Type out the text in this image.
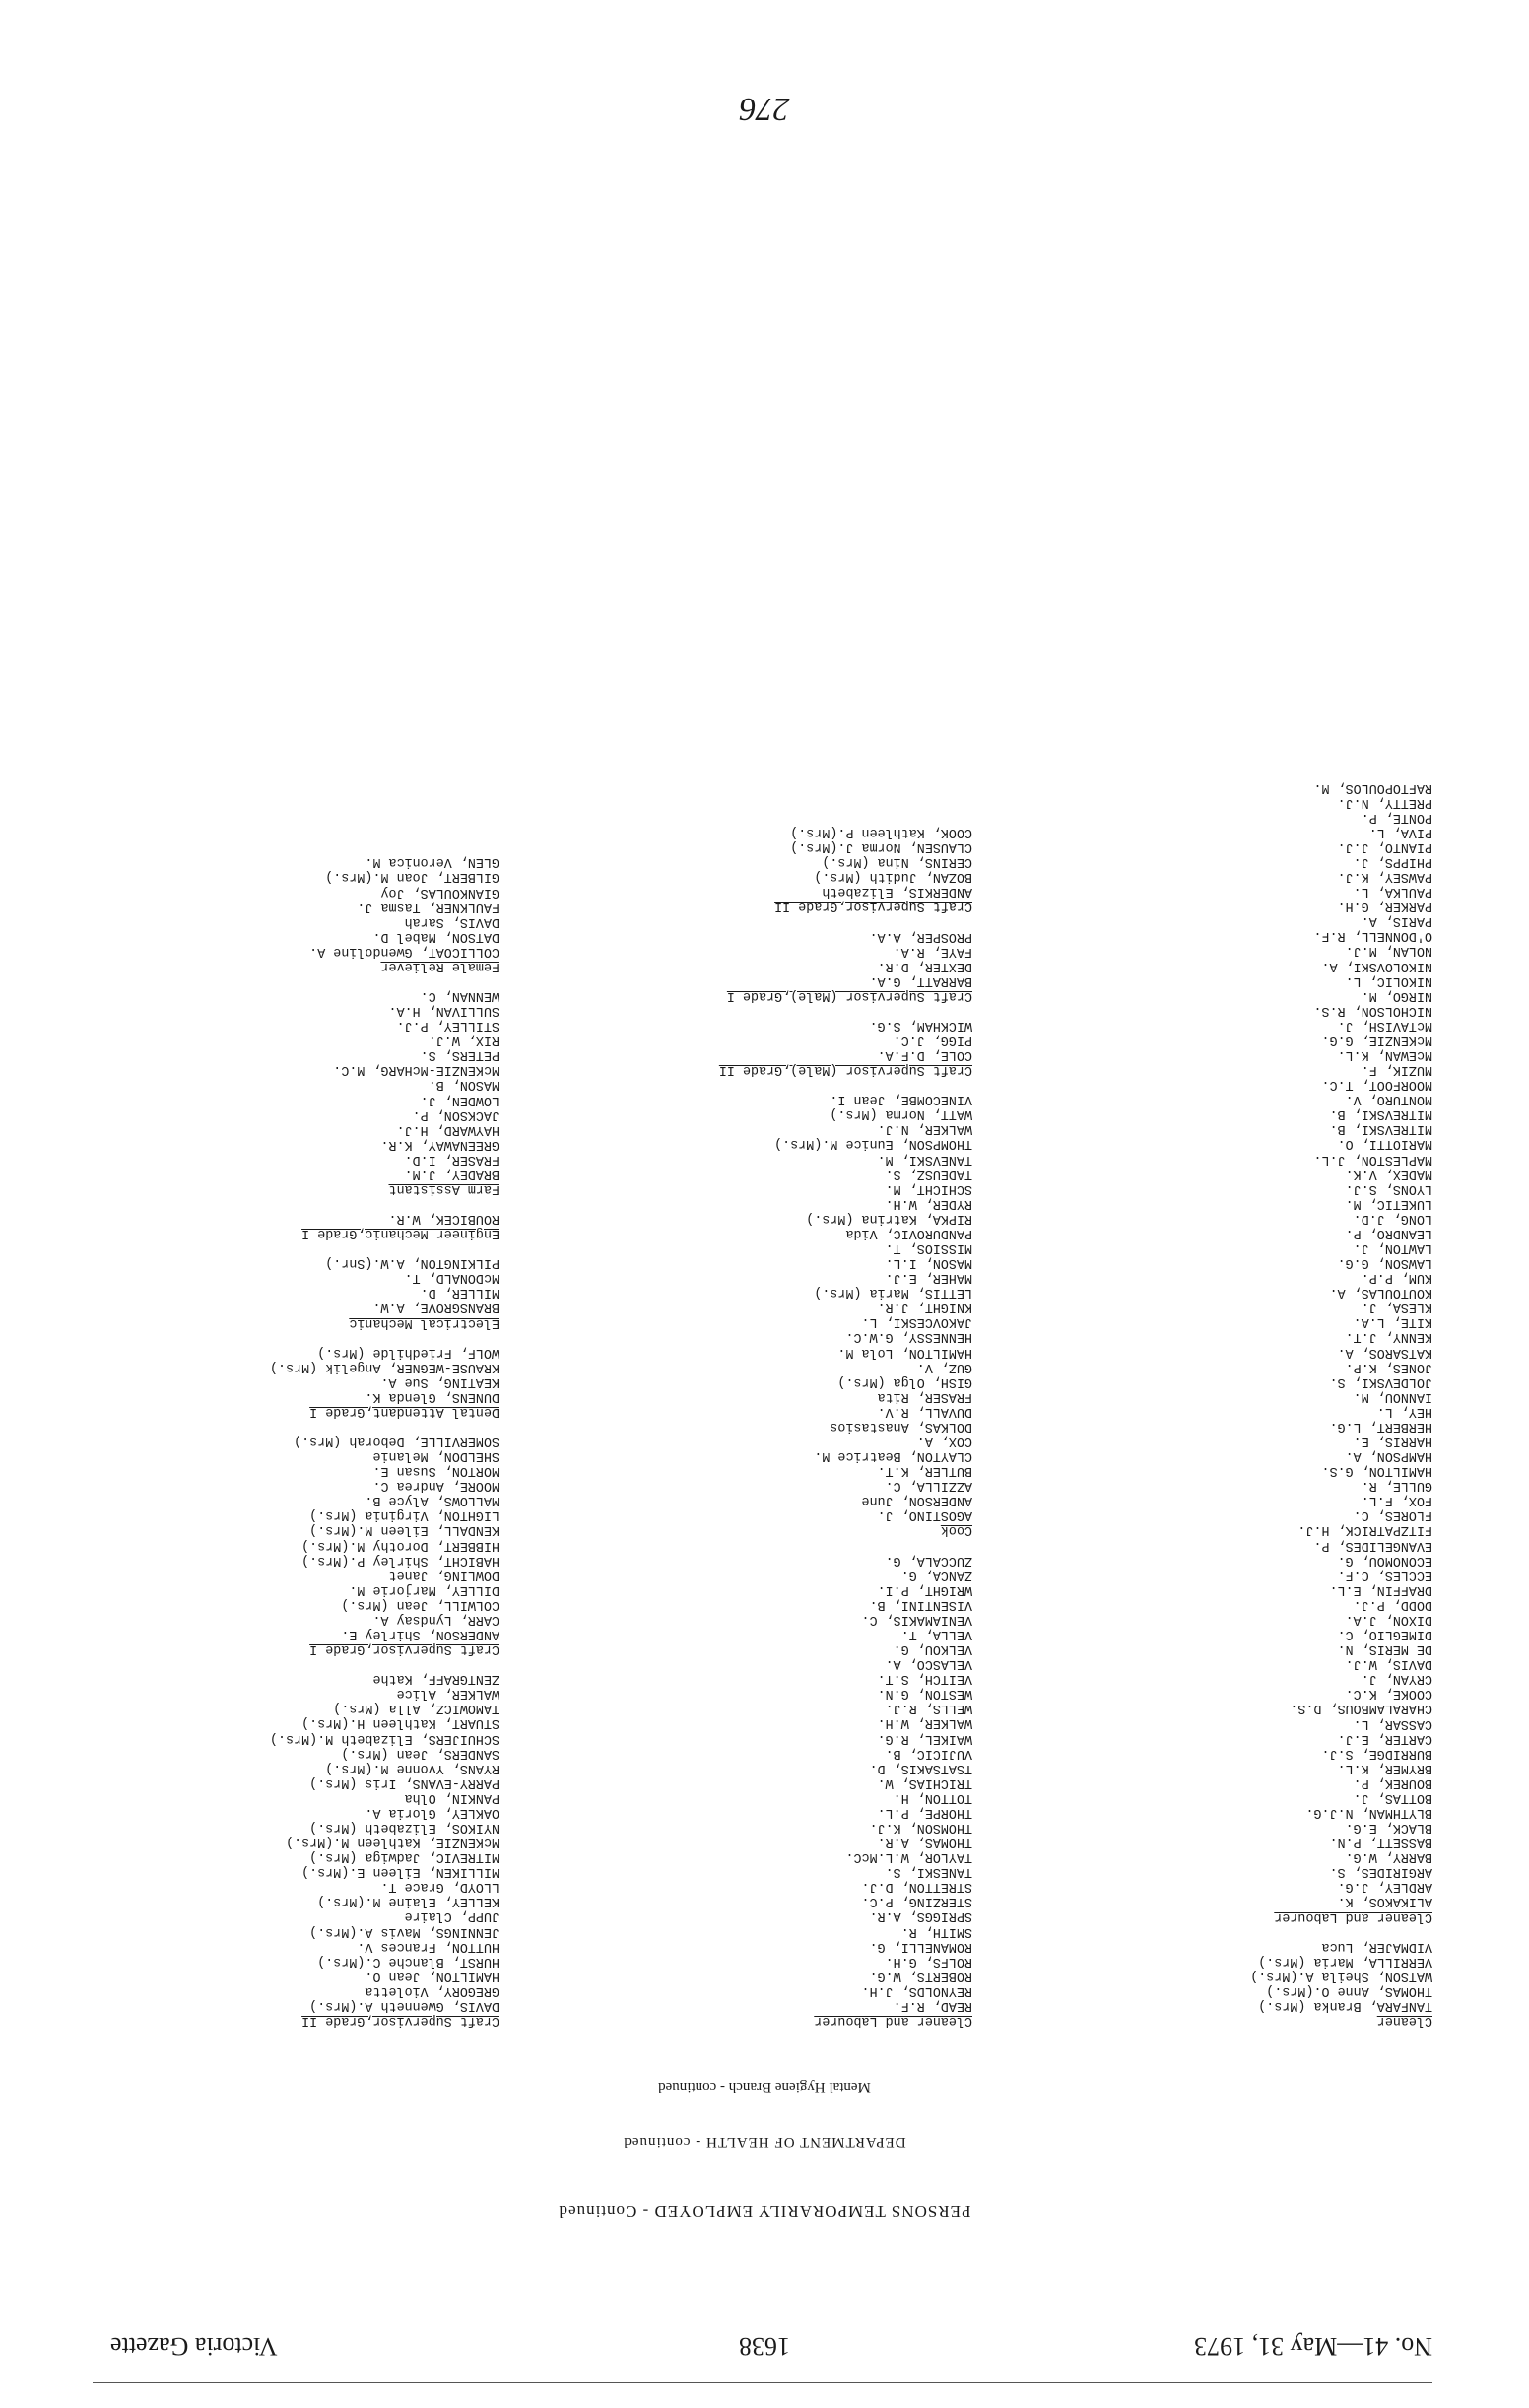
No. 41—May 31, 1973
1638
Victoria Gazette
PERSONS TEMPORARILY EMPLOYED - Continued
DEPARTMENT OF HEALTH - continued
Mental Hygiene Branch - continued
Cleaner
TANFARA, Branka (Mrs.)
THOMAS, Anne O.(Mrs.)
WATSON, Sheila A.(Mrs.)
VERRILLA, Maria (Mrs.)
VIDMAJER, Luca
Cleaner and Labourer
ALIKAKOS, K.
ARDLEY, J.G.
ARGIRIDES, S.
BARRY, W.G.
BASSETT, P.N.
BLACK, E.G.
BLYTHMAN, N.J.G.
BOTTAS, J.
BOUREK, P.
BRYMER, K.L.
BURRIDGE, S.J.
CARTER, E.J.
CASSAR, L.
CHARALAMBOUS, D.S.
COOKE, K.C.
CRYAN, J.
DAVIS, W.J.
DE MERIS, N.
DIMEGLIO, C.
DIXON, J.A.
DODD, P.J.
DRAFFIN, E.L.
ECCLES, C.F.
ECONOMOU, G.
EVANGELIDES, P.
FITZPATRICK, H.J.
FLORES, C.
FOX, F.L.
GULLE, R.
HAMILTON, G.S.
HAMPSON, A.
HARRIS, E.
HERBERT, L.G.
HEY, L.
IANNOU, M.
JOLDEVSKI, S.
JONES, K.P.
KATSAROS, A.
KENNY, J.T.
KITE, L.A.
KLESA, J.
KOUTOULAS, A.
KUM, P.P.
LAWSON, G.G.
LAWTON, J.
LEANDRO, P.
LONG, J.D.
LUKETIC, M.
LYONS, S.J.
MADEX, V.K.
MAPLESTON, J.L.
MARIOTTI, O.
MITREVSKI, B.
MITREVSKI, B.
MONTURO, V.
MOORFOOT, T.C.
MUZIK, F.
McEWAN, K.L.
McKENZIE, G.G.
McTAVISH, J.
NICHOLSON, R.S.
NIRGO, M.
NIKOLIC, L.
NIKOLOVSKI, A.
NOLAN, M.J.
O'DONNELL, R.F.
PARIS, A.
PARKER, G.H.
PAULKA, L.
PAWSEY, K.J.
PHIPPS, J.
PIANTO, J.J.
PIVA, L.
PONTE, P.
PRETTY, N.J.
RAFTOPOULOS, M.
Cleaner and Labourer
READ, R.F.
REYNOLDS, J.H.
ROBERTS, W.G.
ROLFS, G.H.
ROMANELLI, G.
SMITH, R.
SPRIGGS, A.R.
STERZING, P.C.
STRETTON, D.J.
TANESKI, S.
TAYLOR, W.L.McC.
THOMAS, A.R.
THOMSON, K.J.
THORPE, P.L.
TOTTON, H.
TRICHIAS, W.
TSATSAKIS, D.
VUJICIC, B.
WAIKEL, R.G.
WALKER, W.H.
WELLS, R.J.
WESTON, G.N.
VEITCH, S.T.
VELASCO, A.
VELKOU, G.
VELLA, T.
VENIAMAKIS, C.
VISENTINI, B.
WRIGHT, P.I.
ZANCA, G.
ZUCCALA, G.
Cook
AGOSTINO, J.
ANDERSON, June
AZZILLA, C.
BUTLER, K.T.
CLAYTON, Beatrice M.
COX, A.
DOLKAS, Anastasios
DUVALL, R.V.
FRASER, Rita
GISH, Olga (Mrs.)
GUZ, V.
HAMILTON, Lola M.
HENNESSY, G.W.C.
JAKOVCESKI, L.
KNIGHT, J.R.
LETTIS, Maria (Mrs.)
MAHER, E.J.
MASON, I.L.
MISSIOS, T.
PANDUROVIC, Vida
RIPKA, Katrina (Mrs.)
RYDER, W.H.
SCHICHT, M.
TADEUSZ, S.
TANEVSKI, M.
THOMPSON, Eunice M.(Mrs.)
WALKER, N.J.
WATT, Norma (Mrs.)
VINECOMBE, Jean I.
Craft Supervisor (Male),Grade II
COLE, D.F.A.
PIGG, J.C.
WICKHAM, S.G.
Craft Supervisor (Male),Grade I
BARRATT, G.A.
DEXTER, D.R.
FAYE, R.A.
PROSPER, A.A.
Craft Supervisor,Grade II
ANDERKIS, Elizabeth
BOZAN, Judith (Mrs.)
CERINS, Nina (Mrs.)
CLAUSEN, Norma J.(Mrs.)
COOK, Kathleen P.(Mrs.)
Craft Supervisor,Grade II
DAVIS, Gwenneth A.(Mrs.)
GREGORY, Violetta
HAMILTON, Jean O.
HURST, Blanche C.(Mrs.)
HUTTON, Frances V.
JENNINGS, Mavis A.(Mrs.)
JUPP, Claire
KELLEY, Elaine M.(Mrs.)
LLOYD, Grace T.
MILLIKEN, Eileen E.(Mrs.)
MITREVIC, Jadwiga (Mrs.)
McKENZIE, Kathleen M.(Mrs.)
NYIKOS, Elizabeth (Mrs.)
OAKLEY, Gloria A.
PANKIN, Olha
PARRY-EVANS, Iris (Mrs.)
RYANS, Yvonne M.(Mrs.)
SANDERS, Jean (Mrs.)
SCHUIJERS, Elizabeth M.(Mrs.)
STUART, Kathleen H.(Mrs.)
TAMOWICZ, Alla (Mrs.)
WALKER, Alice
ZENTGRAFF, Kathe
Craft Supervisor,Grade I
ANDERSON, Shirley E.
CARR, Lyndsay A.
COLWILL, Jean (Mrs.)
DILLEY, Marjorie M.
DOWLING, Janet
HABICHT, Shirley P.(Mrs.)
HIBBERT, Dorothy M.(Mrs.)
KENDALL, Eileen M.(Mrs.)
LIGHTON, Virginia (Mrs.)
MALLOWS, Alyce B.
MOORE, Andrea C.
MORTON, Susan E.
SHELDON, Melanie
SOMERVILLE, Deborah (Mrs.)
Dental Attendant,Grade I
DUNENS, Glenda K.
KEATING, Sue A.
KRAUSE-WEGNER, Angelik (Mrs.)
WOLF, Friedhilde (Mrs.)
Electrical Mechanic
BRANSGROVE, A.W.
MILLER, D.
McDONALD, T.
PILKINGTON, A.W.(Snr.)
Engineer Mechanic,Grade I
ROUBICEK, W.R.
Farm Assistant
BRADEY, J.M.
FRASER, I.D.
GREENAWAY, K.R.
HAYWARD, H.J.
JACKSON, P.
LOWDEN, J.
MASON, B.
McKENZIE-McHARG, M.C.
PETERS, S.
RIX, W.J.
STILLEY, P.J.
SULLIVAN, H.A.
WENNAN, C.
Female Reliever
COLLICOAT, Gwendoline A.
DATSON, Mabel D.
DAVIS, Sarah
FAULKNER, Tasma J.
GIANKOULAS, Joy
GILBERT, Joan M.(Mrs.)
GLEN, Veronica M.
276
